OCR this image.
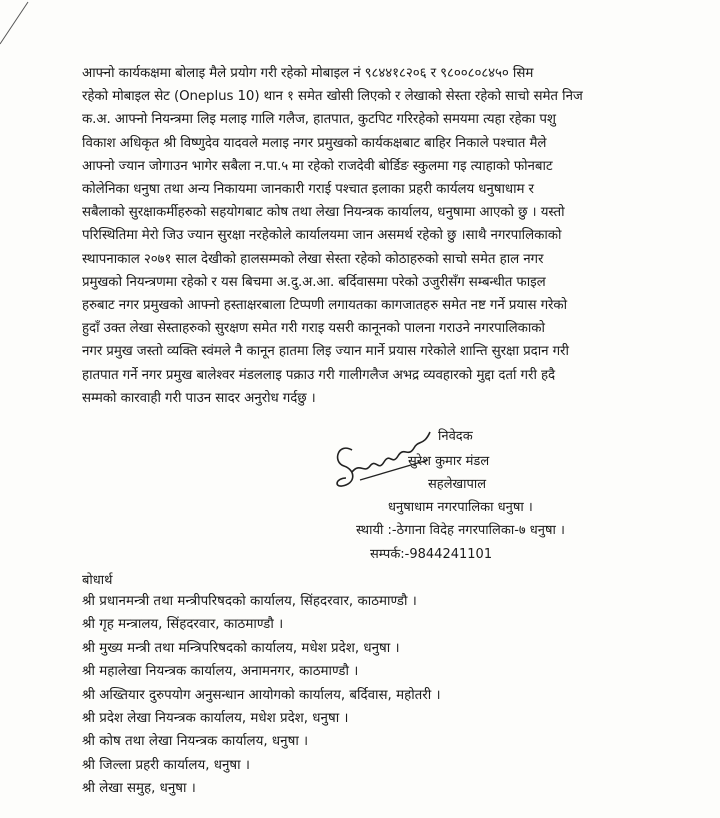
आफ्नो कार्यकक्षमा बोलाइ मैले प्रयोग गरी रहेको मोबाइल नं ९८४४१८२०६ र ९८००८०८४५० सिम
रहेको मोबाइल सेट (Oneplus 10) थान १ समेत खोसी लिएको र लेखाको सेस्ता रहेको साचो समेत निज
क.अ. आफ्नो नियन्त्रमा लिइ मलाइ गालि गलैज, हातपात, कुटपिट गरिरहेको समयमा त्यहा रहेका पशु
विकाश अधिकृत श्री विष्णुदेव यादवले मलाइ नगर प्रमुखको कार्यकक्षबाट बाहिर निकाले पश्चात मैले
आफ्नो ज्यान जोगाउन भागेर सबैला न.पा.५ मा रहेको राजदेवी बोर्डिङ स्कुलमा गइ त्याहाको फोनबाट
कोलेनिका धनुषा तथा अन्य निकायमा जानकारी गराई पश्चात इलाका प्रहरी कार्यलय धनुषाधाम र
सबैलाको सुरक्षाकर्मीहरुको सहयोगबाट कोष तथा लेखा नियन्त्रक कार्यालय, धनुषामा आएको छु । यस्तो
परिस्थितिमा मेरो जिउ ज्यान सुरक्षा नरहेकोले कार्यालयमा जान असमर्थ रहेको छु ।साथै नगरपालिकाको
स्थापनाकाल २०७१ साल देखीको हालसम्मको लेखा सेस्ता रहेको कोठाहरुको साचो समेत हाल नगर
प्रमुखको नियन्त्रणमा रहेको र यस बिचमा अ.दु.अ.आ. बर्दिवासमा परेको उजुरीसँग सम्बन्धीत फाइल
हरुबाट नगर प्रमुखको आफ्नो हस्ताक्षरबाला टिप्पणी लगायतका कागजातहरु समेत नष्ट गर्ने प्रयास गरेको
हुदाँ उक्त लेखा सेस्ताहरुको सुरक्षण समेत गरी गराइ यसरी कानूनको पालना गराउने नगरपालिकाको
नगर प्रमुख जस्तो व्यक्ति स्वंमले नै कानून हातमा लिइ ज्यान मार्ने प्रयास गरेकोले शान्ति सुरक्षा प्रदान गरी
हातपात गर्ने नगर प्रमुख बालेश्वर मंडललाइ पक्राउ गरी गालीगलैज अभद्र व्यवहारको मुद्दा दर्ता गरी हदै
सम्मको कारवाही गरी पाउन सादर अनुरोध गर्दछु ।

निवेदक
सुरेश कुमार मंडल
सहलेखापाल
धनुषाधाम नगरपालिका धनुषा ।
स्थायी :-ठेगाना विदेह नगरपालिका-७ धनुषा ।
सम्पर्क:-9844241101
बोधार्थ
श्री प्रधानमन्त्री तथा मन्त्रीपरिषदको कार्यालय, सिंहदरवार, काठमाण्डौ ।
श्री गृह मन्त्रालय, सिंहदरवार, काठमाण्डौ ।
श्री मुख्य मन्त्री तथा मन्त्रिपरिषदको कार्यालय, मधेश प्रदेश, धनुषा ।
श्री महालेखा नियन्त्रक कार्यालय, अनामनगर, काठमाण्डौ ।
श्री अख्तियार दुरुपयोग अनुसन्धान आयोगको कार्यालय, बर्दिवास, महोतरी ।
श्री प्रदेश लेखा नियन्त्रक कार्यालय, मधेश प्रदेश, धनुषा ।
श्री कोष तथा लेखा नियन्त्रक कार्यालय, धनुषा ।
श्री जिल्ला प्रहरी कार्यालय, धनुषा ।
श्री लेखा समुह, धनुषा ।
